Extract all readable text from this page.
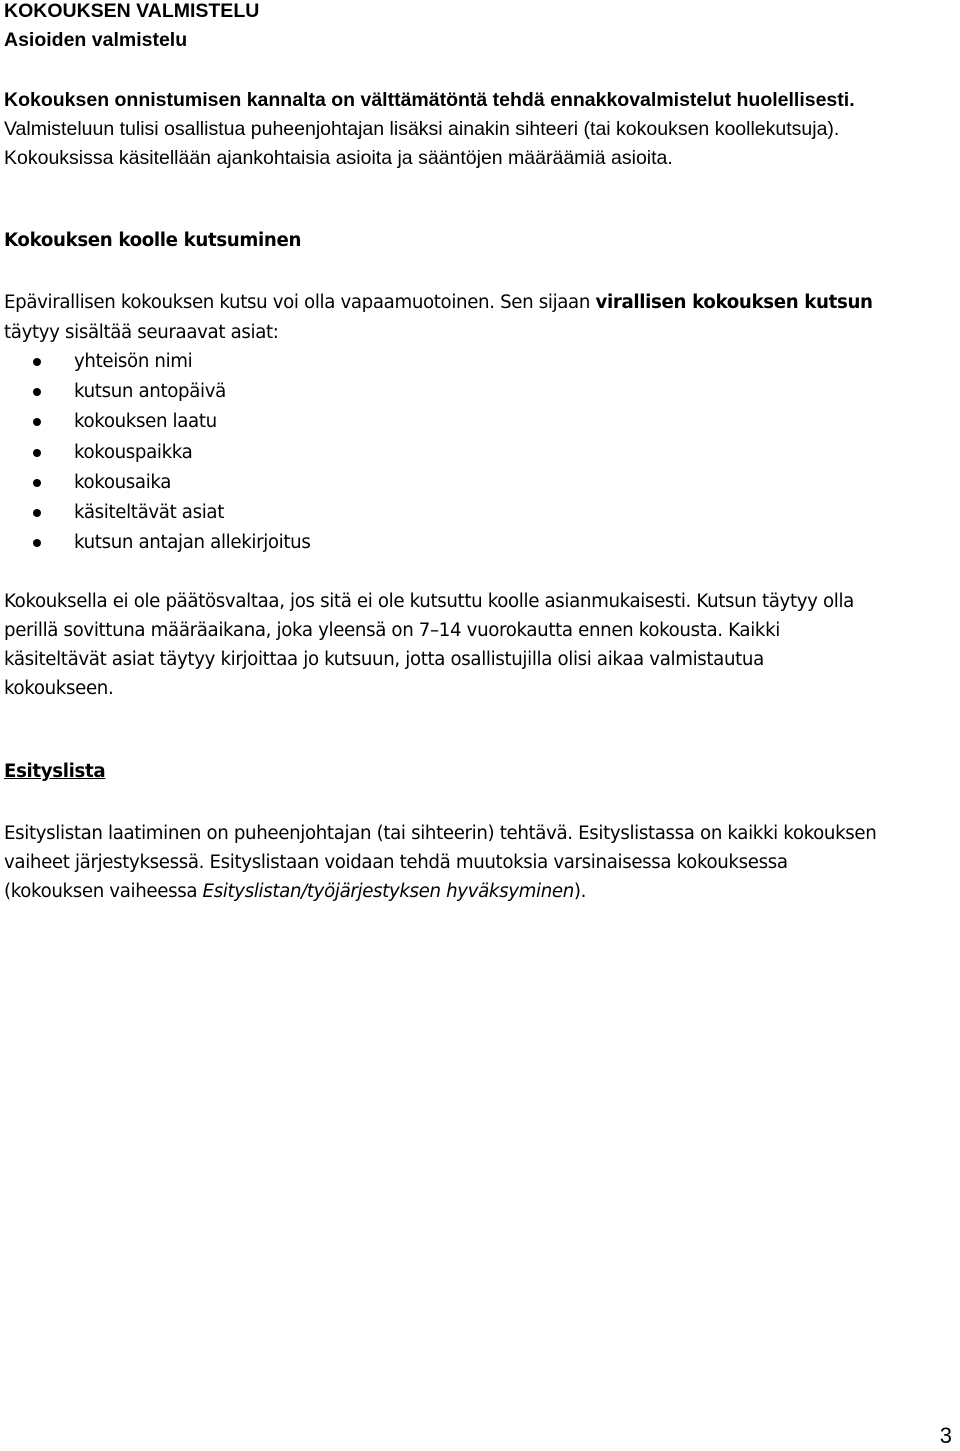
KOKOUKSEN VALMISTELU
Asioiden valmistelu
Kokouksen onnistumisen kannalta on välttämätöntä tehdä ennakkovalmistelut huolellisesti.
Valmisteluun tulisi osallistua puheenjohtajan lisäksi ainakin sihteeri (tai kokouksen koollekutsuja).
Kokouksissa käsitellään ajankohtaisia asioita ja sääntöjen määräämiä asioita.
Kokouksen koolle kutsuminen
Epävirallisen kokouksen kutsu voi olla vapaamuotoinen. Sen sijaan virallisen kokouksen kutsun
täytyy sisältää seuraavat asiat:
yhteisön nimi
kutsun antopäivä
kokouksen laatu
kokouspaikka
kokousaika
käsiteltävät asiat
kutsun antajan allekirjoitus
Kokouksella ei ole päätösvaltaa, jos sitä ei ole kutsuttu koolle asianmukaisesti. Kutsun täytyy olla
perillä sovittuna määräaikana, joka yleensä on 7–14 vuorokautta ennen kokousta. Kaikki
käsiteltävät asiat täytyy kirjoittaa jo kutsuun, jotta osallistujilla olisi aikaa valmistautua
kokoukseen.
Esityslista
Esityslistan laatiminen on puheenjohtajan (tai sihteerin) tehtävä. Esityslistassa on kaikki kokouksen
vaiheet järjestyksessä. Esityslistaan voidaan tehdä muutoksia varsinaisessa kokouksessa
(kokouksen vaiheessa Esityslistan/työjärjestyksen hyväksyminen).
3
